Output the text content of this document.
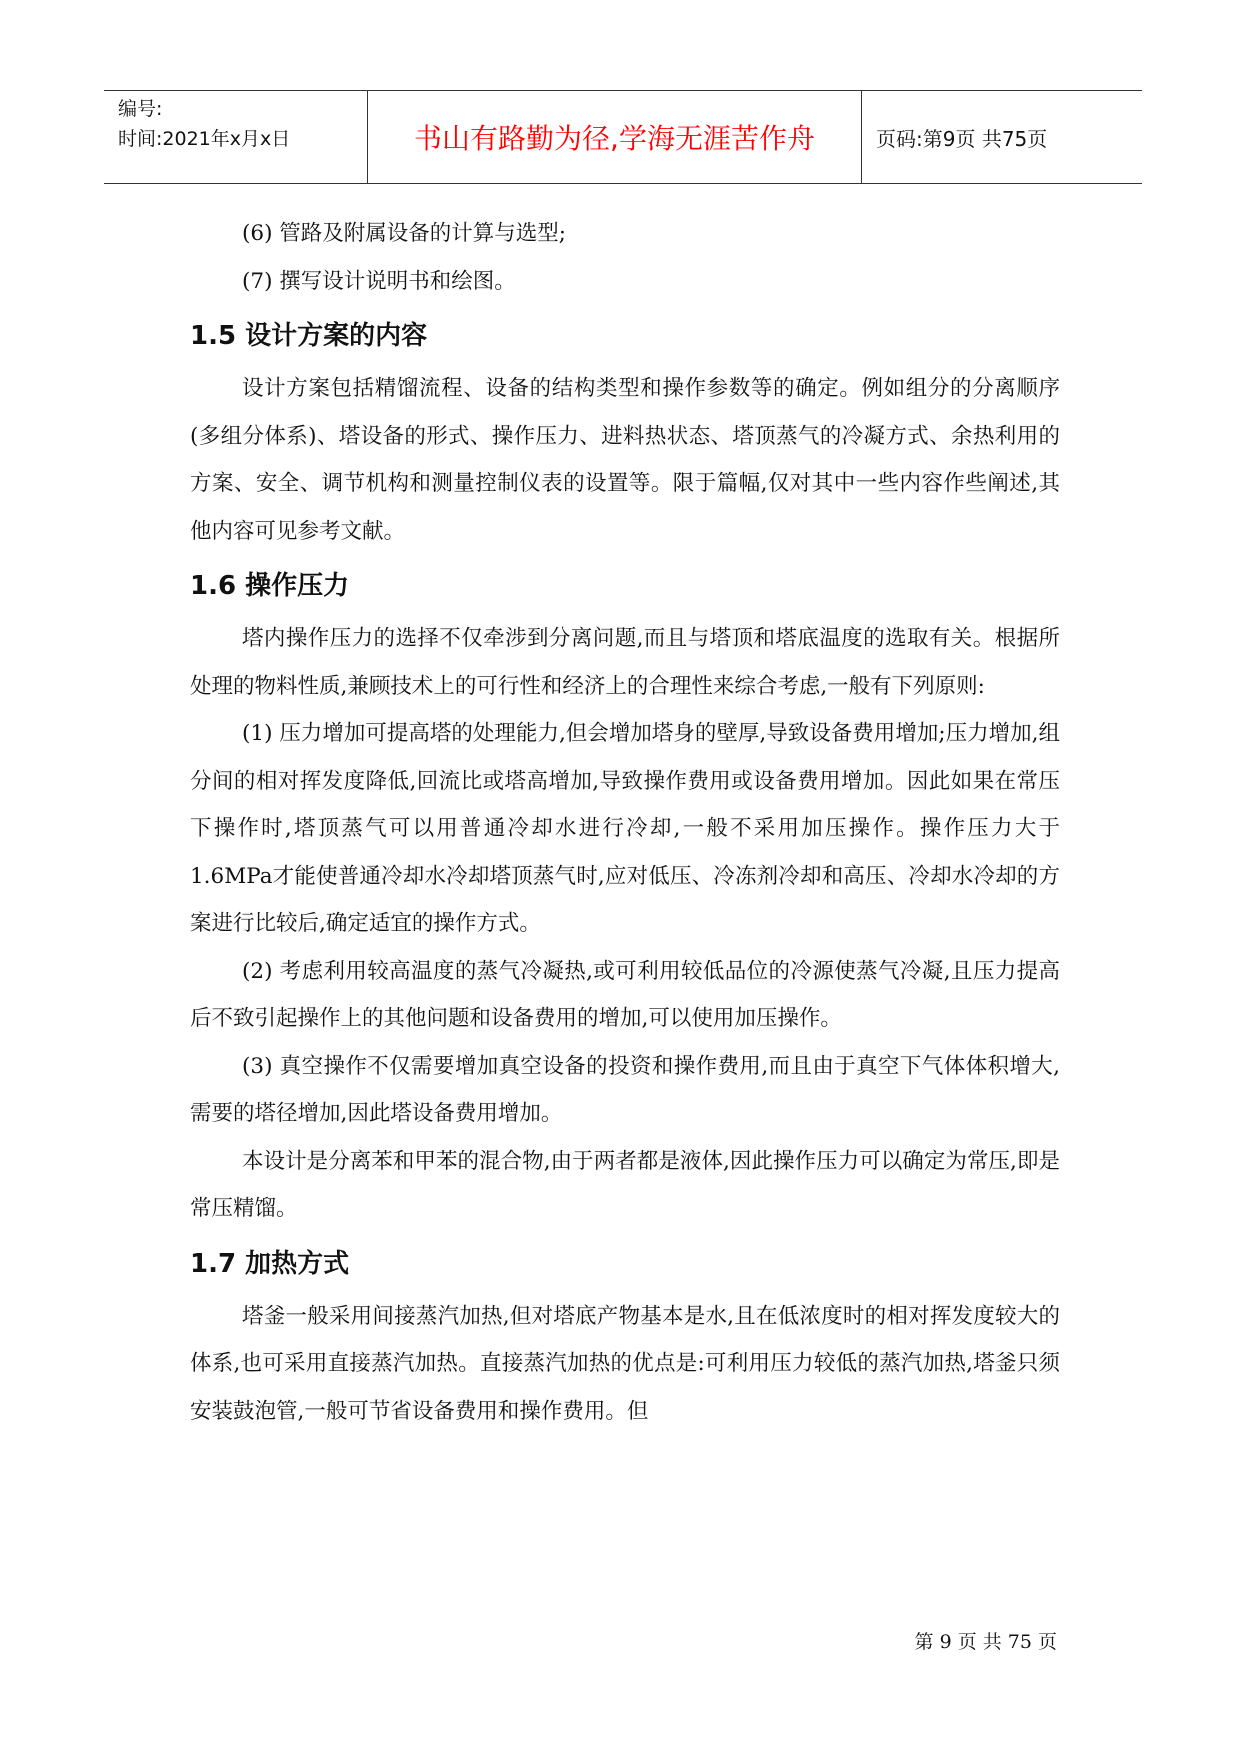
编号:
时间:2021年x月x日	书山有路勤为径,学海无涯苦作舟	页码:第9页 共75页

(6) 管路及附属设备的计算与选型;

(7) 撰写设计说明书和绘图。

1.5 设计方案的内容

设计方案包括精馏流程、设备的结构类型和操作参数等的确定。例如组分的分离顺序(多组分体系)、塔设备的形式、操作压力、进料热状态、塔顶蒸气的冷凝方式、余热利用的方案、安全、调节机构和测量控制仪表的设置等。限于篇幅,仅对其中一些内容作些阐述,其他内容可见参考文献。

1.6 操作压力

塔内操作压力的选择不仅牵涉到分离问题,而且与塔顶和塔底温度的选取有关。根据所处理的物料性质,兼顾技术上的可行性和经济上的合理性来综合考虑,一般有下列原则:

(1) 压力增加可提高塔的处理能力,但会增加塔身的壁厚,导致设备费用增加;压力增加,组分间的相对挥发度降低,回流比或塔高增加,导致操作费用或设备费用增加。因此如果在常压下操作时,塔顶蒸气可以用普通冷却水进行冷却,一般不采用加压操作。操作压力大于1.6MPa才能使普通冷却水冷却塔顶蒸气时,应对低压、冷冻剂冷却和高压、冷却水冷却的方案进行比较后,确定适宜的操作方式。

(2) 考虑利用较高温度的蒸气冷凝热,或可利用较低品位的冷源使蒸气冷凝,且压力提高后不致引起操作上的其他问题和设备费用的增加,可以使用加压操作。

(3) 真空操作不仅需要增加真空设备的投资和操作费用,而且由于真空下气体体积增大,需要的塔径增加,因此塔设备费用增加。

本设计是分离苯和甲苯的混合物,由于两者都是液体,因此操作压力可以确定为常压,即是常压精馏。

1.7 加热方式

塔釜一般采用间接蒸汽加热,但对塔底产物基本是水,且在低浓度时的相对挥发度较大的体系,也可采用直接蒸汽加热。直接蒸汽加热的优点是:可利用压力较低的蒸汽加热,塔釜只须安装鼓泡管,一般可节省设备费用和操作费用。但

第 9 页 共 75 页
